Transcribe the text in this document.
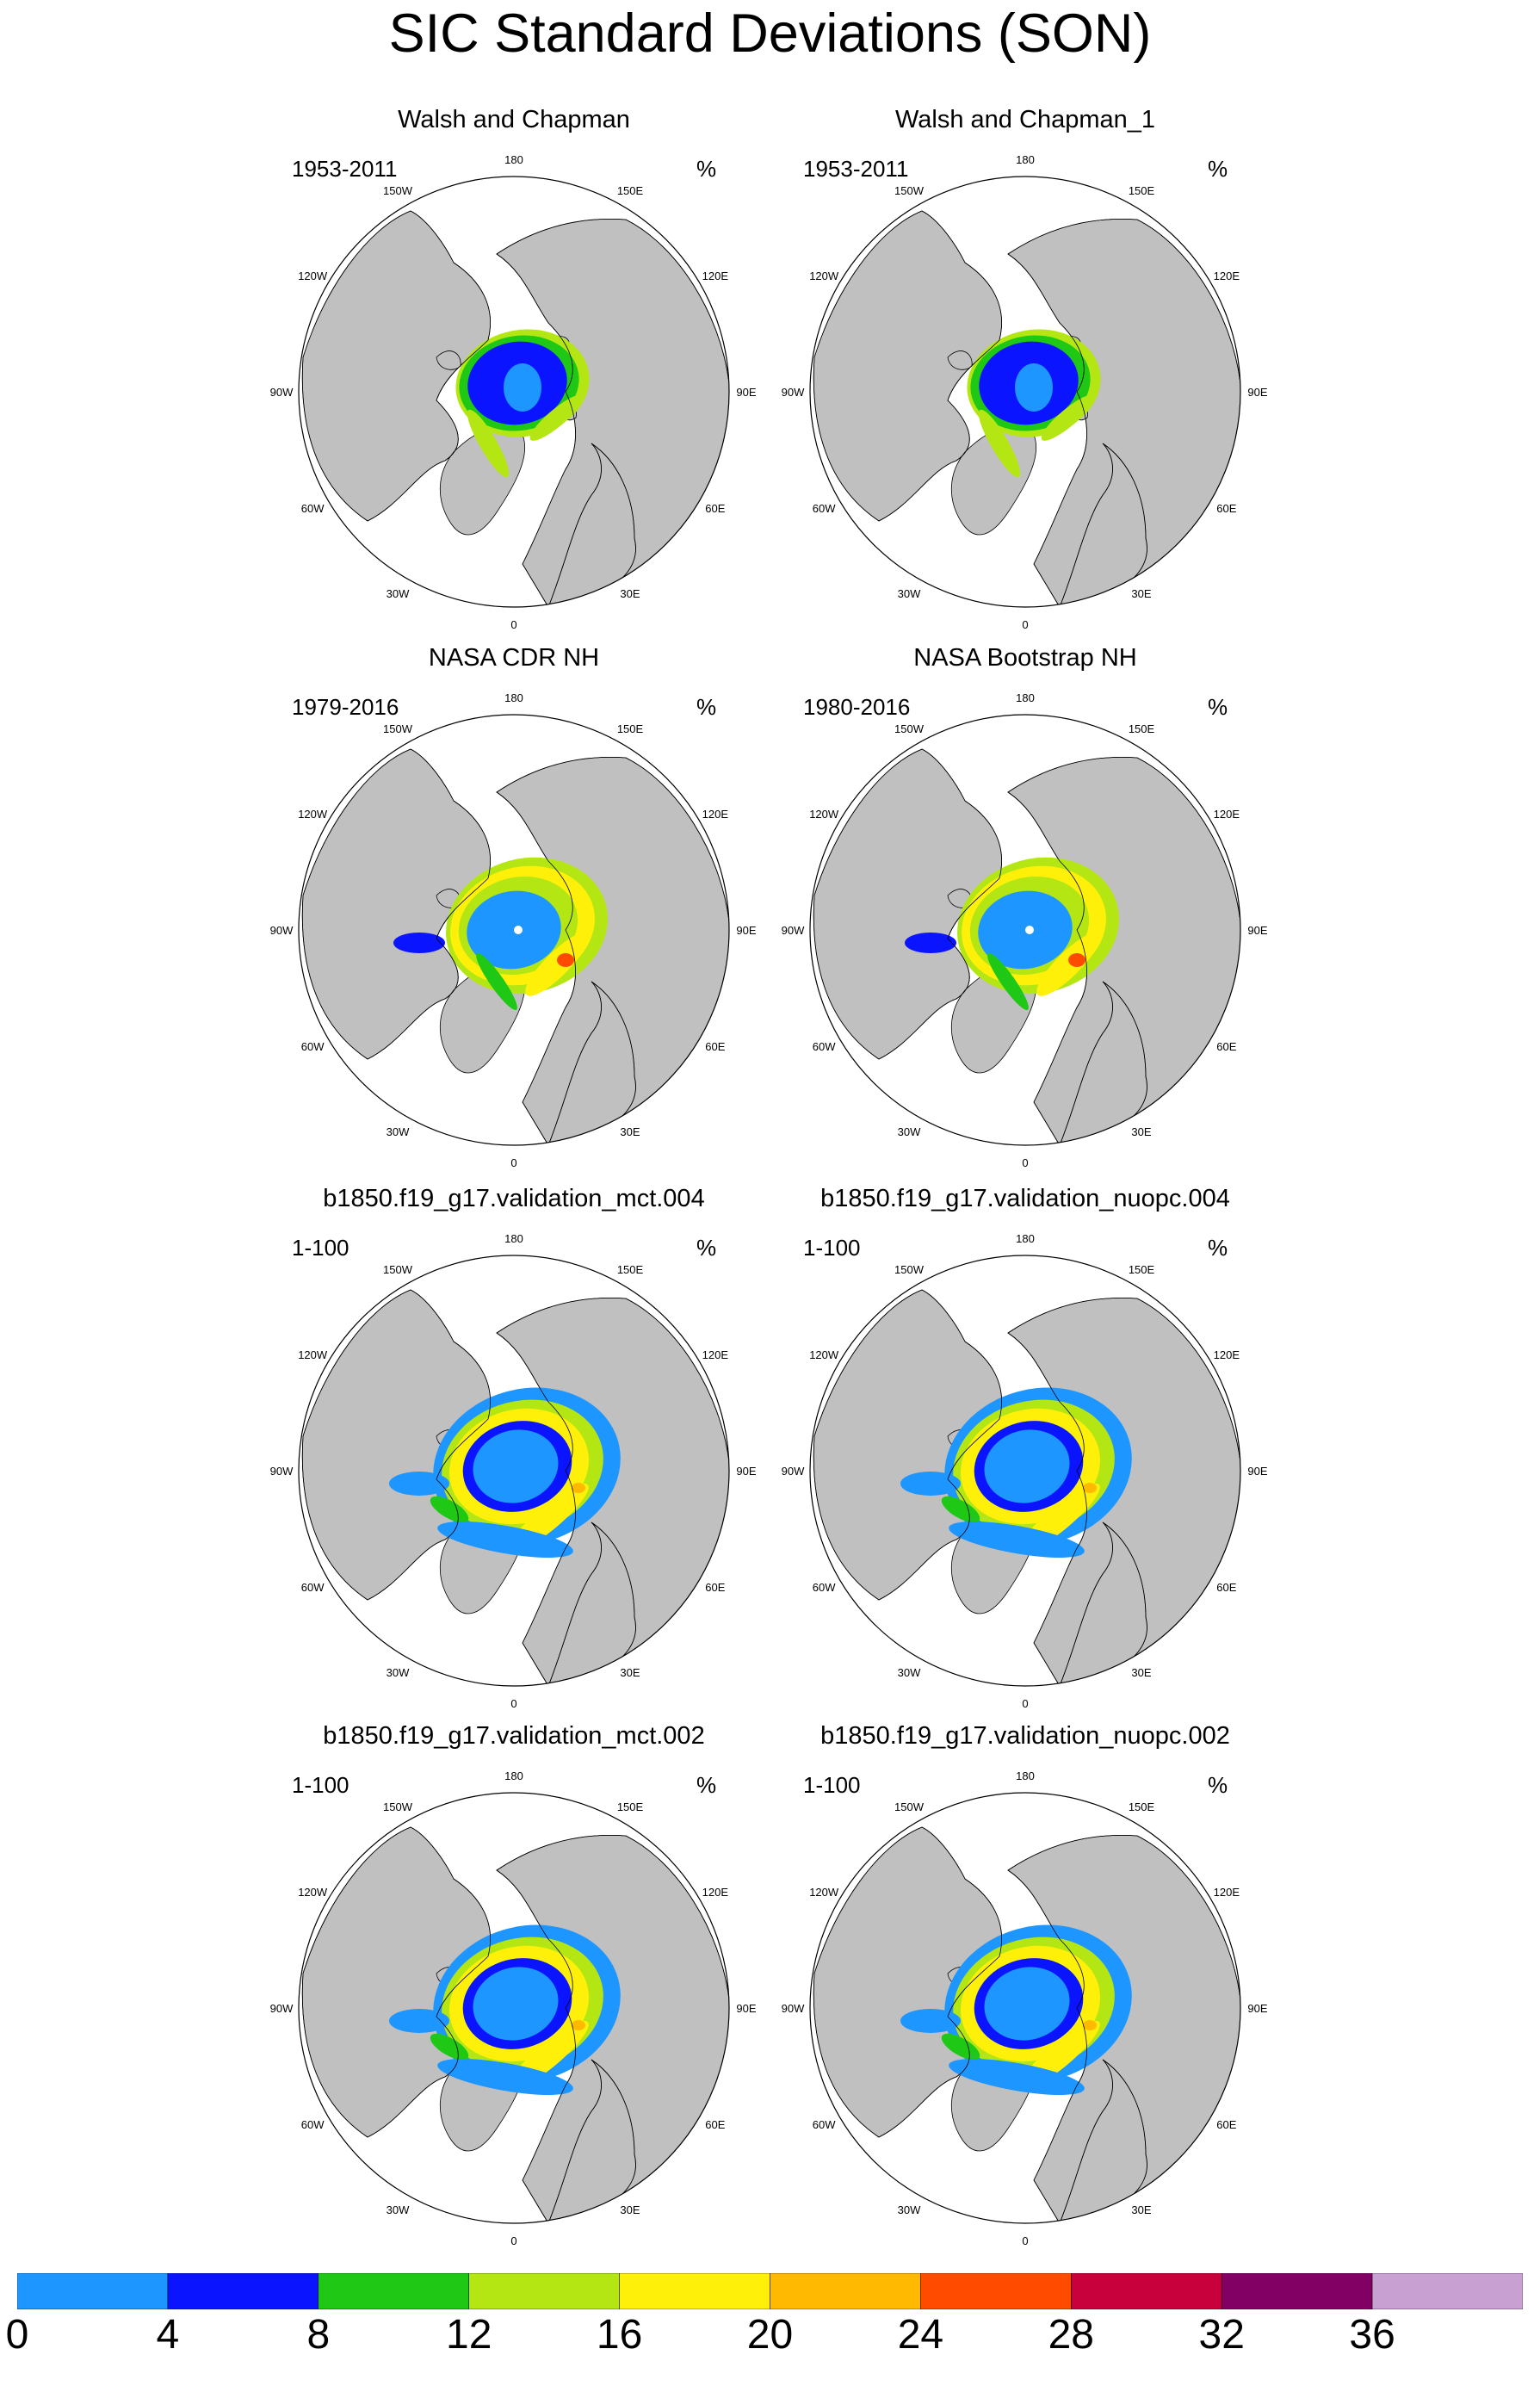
SIC Standard Deviations (SON)
Walsh and Chapman
1953-2011	%
180
150E
120E
90E
60E
30E
0
30W
60W
90W
120W
150W
Walsh and Chapman_1
1953-2011	%
180
150E
120E
90E
60E
30E
0
30W
60W
90W
120W
150W
NASA CDR NH
1979-2016	%
180
150E
120E
90E
60E
30E
0
30W
60W
90W
120W
150W
NASA Bootstrap NH
1980-2016	%
180
150E
120E
90E
60E
30E
0
30W
60W
90W
120W
150W
b1850.f19_g17.validation_mct.004
1-100	%
180
150E
120E
90E
60E
30E
0
30W
60W
90W
120W
150W
b1850.f19_g17.validation_nuopc.004
1-100	%
180
150E
120E
90E
60E
30E
0
30W
60W
90W
120W
150W
b1850.f19_g17.validation_mct.002
1-100	%
180
150E
120E
90E
60E
30E
0
30W
60W
90W
120W
150W
b1850.f19_g17.validation_nuopc.002
1-100	%
180
150E
120E
90E
60E
30E
0
30W
60W
90W
120W
150W
0	4	8	12	16	20	24	28	32	36
